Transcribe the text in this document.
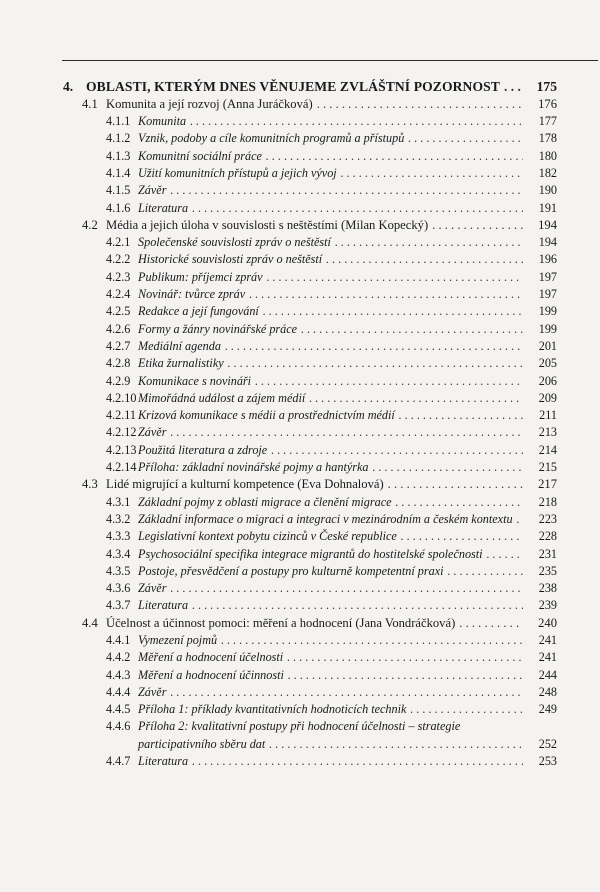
4. OBLASTI, KTERÝM DNES VĚNUJEME ZVLÁŠTNÍ POZORNOST . . .	175
4.1 Komunita a její rozvoj (Anna Juráčková) . . .	176
4.1.1 Komunita . . .	177
4.1.2 Vznik, podoby a cíle komunitních programů a přístupů . . .	178
4.1.3 Komunitní sociální práce . . .	180
4.1.4 Užití komunitních přístupů a jejich vývoj . . .	182
4.1.5 Závěr . . .	190
4.1.6 Literatura . . .	191
4.2 Média a jejich úloha v souvislosti s neštěstími (Milan Kopecký) . . .	194
4.2.1 Společenské souvislosti zpráv o neštěstí . . .	194
4.2.2 Historické souvislosti zpráv o neštěstí . . .	196
4.2.3 Publikum: příjemci zpráv . . .	197
4.2.4 Novinář: tvůrce zpráv . . .	197
4.2.5 Redakce a její fungování . . .	199
4.2.6 Formy a žánry novinářské práce . . .	199
4.2.7 Mediální agenda . . .	201
4.2.8 Etika žurnalistiky . . .	205
4.2.9 Komunikace s novináři . . .	206
4.2.10 Mimořádná událost a zájem médií . . .	209
4.2.11 Krizová komunikace s médii a prostřednictvím médií . . .	211
4.2.12 Závěr . . .	213
4.2.13 Použitá literatura a zdroje . . .	214
4.2.14 Příloha: základní novinářské pojmy a hantýrka . . .	215
4.3 Lidé migrující a kulturní kompetence (Eva Dohnalová) . . .	217
4.3.1 Základní pojmy z oblasti migrace a členění migrace . . .	218
4.3.2 Základní informace o migraci a integraci v mezinárodním a českém kontextu . . .	223
4.3.3 Legislativní kontext pobytu cizinců v České republice . . .	228
4.3.4 Psychosociální specifika integrace migrantů do hostitelské společnosti . . .	231
4.3.5 Postoje, přesvědčení a postupy pro kulturně kompetentní praxi . . .	235
4.3.6 Závěr . . .	238
4.3.7 Literatura . . .	239
4.4 Účelnost a účinnost pomoci: měření a hodnocení (Jana Vondráčková) . . .	240
4.4.1 Vymezení pojmů . . .	241
4.4.2 Měření a hodnocení účelnosti . . .	241
4.4.3 Měření a hodnocení účinnosti . . .	244
4.4.4 Závěr . . .	248
4.4.5 Příloha 1: příklady kvantitativních hodnoticích technik . . .	249
4.4.6 Příloha 2: kvalitativní postupy při hodnocení účelnosti – strategie
participativního sběru dat . . .	252
4.4.7 Literatura . . .	253
